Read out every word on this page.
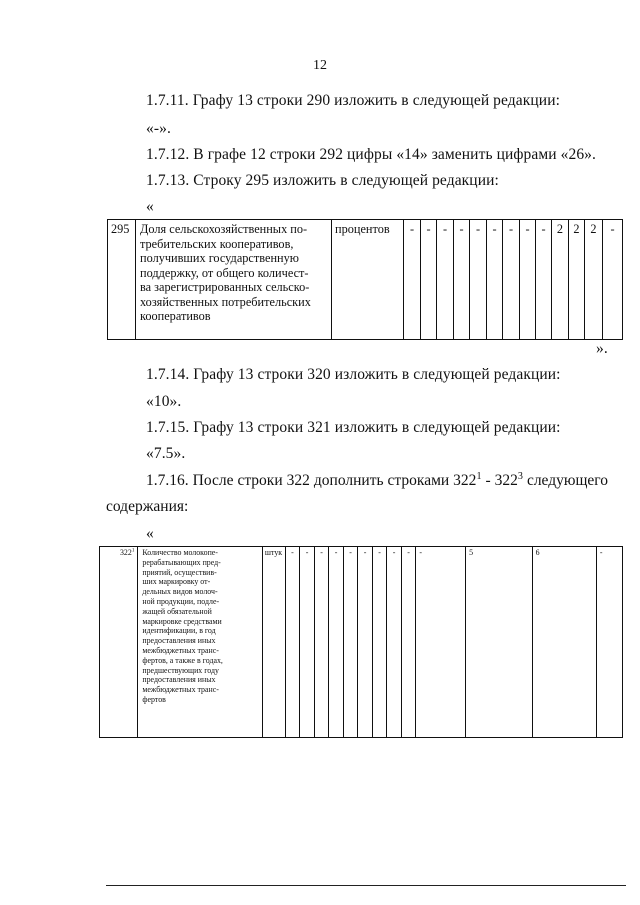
12
1.7.11. Графу 13 строки 290 изложить в следующей редакции:
«-».
1.7.12. В графе 12 строки 292 цифры «14» заменить цифрами «26».
1.7.13. Строку 295 изложить в следующей редакции:
«
295	Доля сельскохозяйственных по-
требительских кооперативов,
получивших государственную
поддержку, от общего количест-
ва зарегистрированных сельско-
хозяйственных потребительских
кооперативов	процентов	-	-	-	-	-	-	-	-	-	2	2	2	-
».
1.7.14. Графу 13 строки 320 изложить в следующей редакции:
«10».
1.7.15. Графу 13 строки 321 изложить в следующей редакции:
«7.5».
1.7.16. После строки 322 дополнить строками $322^1 - 322^3$ следующего
содержания:
«
$322^1$	Количество молокопе-
рерабатывающих пред-
приятий, осуществив-
ших маркировку от-
дельных видов молоч-
ной продукции, подле-
жащей обязательной
маркировке средствами
идентификации, в год
предоставления иных
межбюджетных транс-
фертов, а также в годах,
предшествующих году
предоставления иных
межбюджетных транс-
фертов	штук	-	-	-	-	-	-	-	-	-	-	5	6	-
